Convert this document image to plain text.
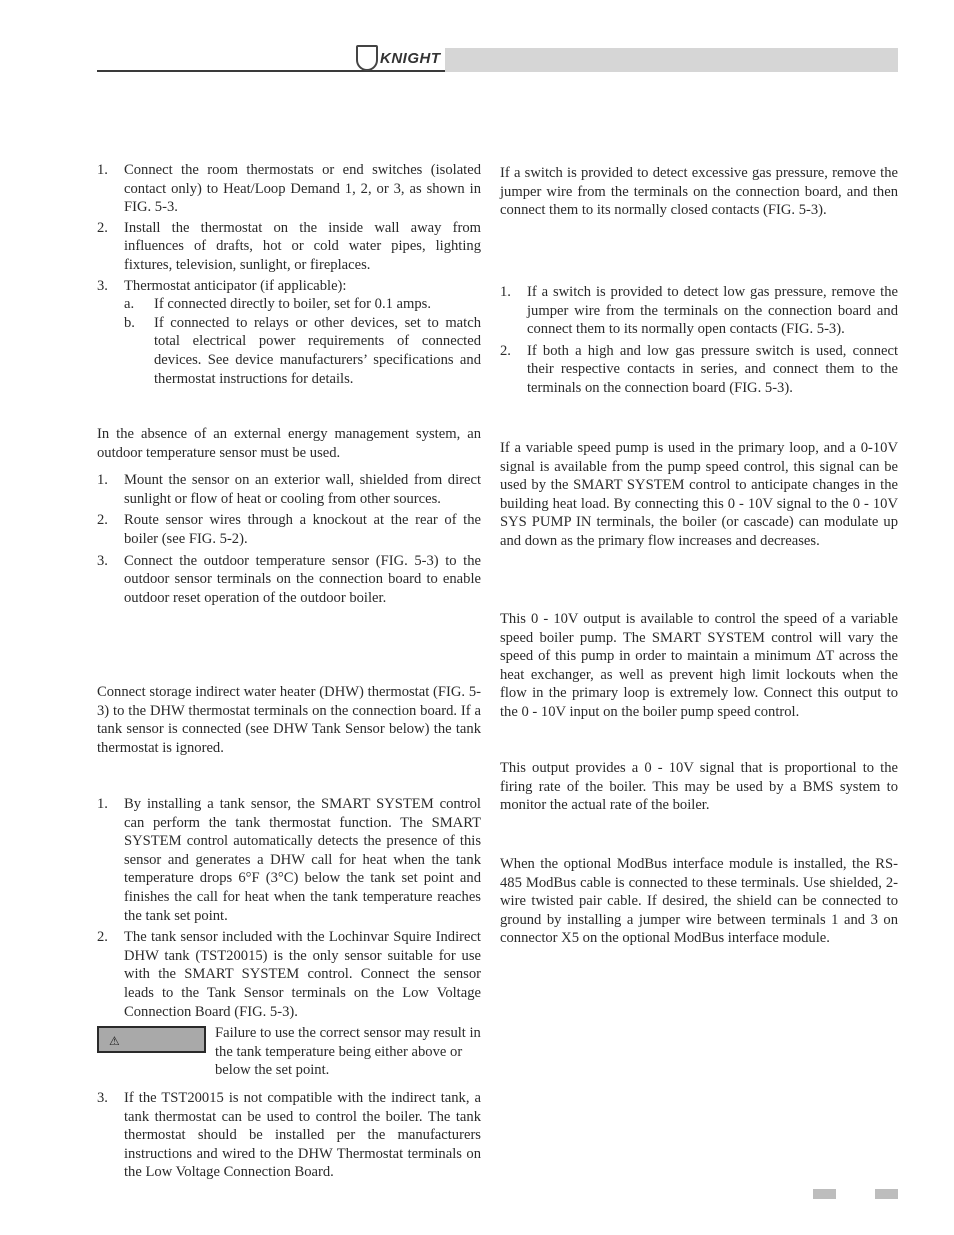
KNIGHT
1. Connect the room thermostats or end switches (isolated contact only) to Heat/Loop Demand 1, 2, or 3, as shown in FIG. 5-3.

2. Install the thermostat on the inside wall away from influences of drafts, hot or cold water pipes, lighting fixtures, television, sunlight, or fireplaces.

3. Thermostat anticipator (if applicable):

a. If connected directly to boiler, set for 0.1 amps.

b. If connected to relays or other devices, set to match total electrical power requirements of connected devices. See device manufacturers’ specifications and thermostat instructions for details.

In the absence of an external energy management system, an outdoor temperature sensor must be used.

1. Mount the sensor on an exterior wall, shielded from direct sunlight or flow of heat or cooling from other sources.

2. Route sensor wires through a knockout at the rear of the boiler (see FIG. 5-2).

3. Connect the outdoor temperature sensor (FIG. 5-3) to the outdoor sensor terminals on the connection board to enable outdoor reset operation of the outdoor boiler.

Connect storage indirect water heater (DHW) thermostat (FIG. 5-3) to the DHW thermostat terminals on the connection board. If a tank sensor is connected (see DHW Tank Sensor below) the tank thermostat is ignored.

1. By installing a tank sensor, the SMART SYSTEM control can perform the tank thermostat function. The SMART SYSTEM control automatically detects the presence of this sensor and generates a DHW call for heat when the tank temperature drops 6°F (3°C) below the tank set point and finishes the call for heat when the tank temperature reaches the tank set point.

2. The tank sensor included with the Lochinvar Squire Indirect DHW tank (TST20015) is the only sensor suitable for use with the SMART SYSTEM control. Connect the sensor leads to the Tank Sensor terminals on the Low Voltage Connection Board (FIG. 5-3).

⚠	Failure to use the correct sensor may result in the tank temperature being either above or below the set point.

3. If the TST20015 is not compatible with the indirect tank, a tank thermostat can be used to control the boiler. The tank thermostat should be installed per the manufacturers instructions and wired to the DHW Thermostat terminals on the Low Voltage Connection Board.

If a switch is provided to detect excessive gas pressure, remove the jumper wire from the terminals on the connection board, and then connect them to its normally closed contacts (FIG. 5-3).

1. If a switch is provided to detect low gas pressure, remove the jumper wire from the terminals on the connection board and connect them to its normally open contacts (FIG. 5-3).

2. If both a high and low gas pressure switch is used, connect their respective contacts in series, and connect them to the terminals on the connection board (FIG. 5-3).

If a variable speed pump is used in the primary loop, and a 0-10V signal is available from the pump speed control, this signal can be used by the SMART SYSTEM control to anticipate changes in the building heat load. By connecting this 0 - 10V signal to the 0 - 10V SYS PUMP IN terminals, the boiler (or cascade) can modulate up and down as the primary flow increases and decreases.

This 0 - 10V output is available to control the speed of a variable speed boiler pump. The SMART SYSTEM control will vary the speed of this pump in order to maintain a minimum ΔT across the heat exchanger, as well as prevent high limit lockouts when the flow in the primary loop is extremely low. Connect this output to the 0 - 10V input on the boiler pump speed control.

This output provides a 0 - 10V signal that is proportional to the firing rate of the boiler. This may be used by a BMS system to monitor the actual rate of the boiler.

When the optional ModBus interface module is installed, the RS-485 ModBus cable is connected to these terminals. Use shielded, 2-wire twisted pair cable. If desired, the shield can be connected to ground by installing a jumper wire between terminals 1 and 3 on connector X5 on the optional ModBus interface module.
